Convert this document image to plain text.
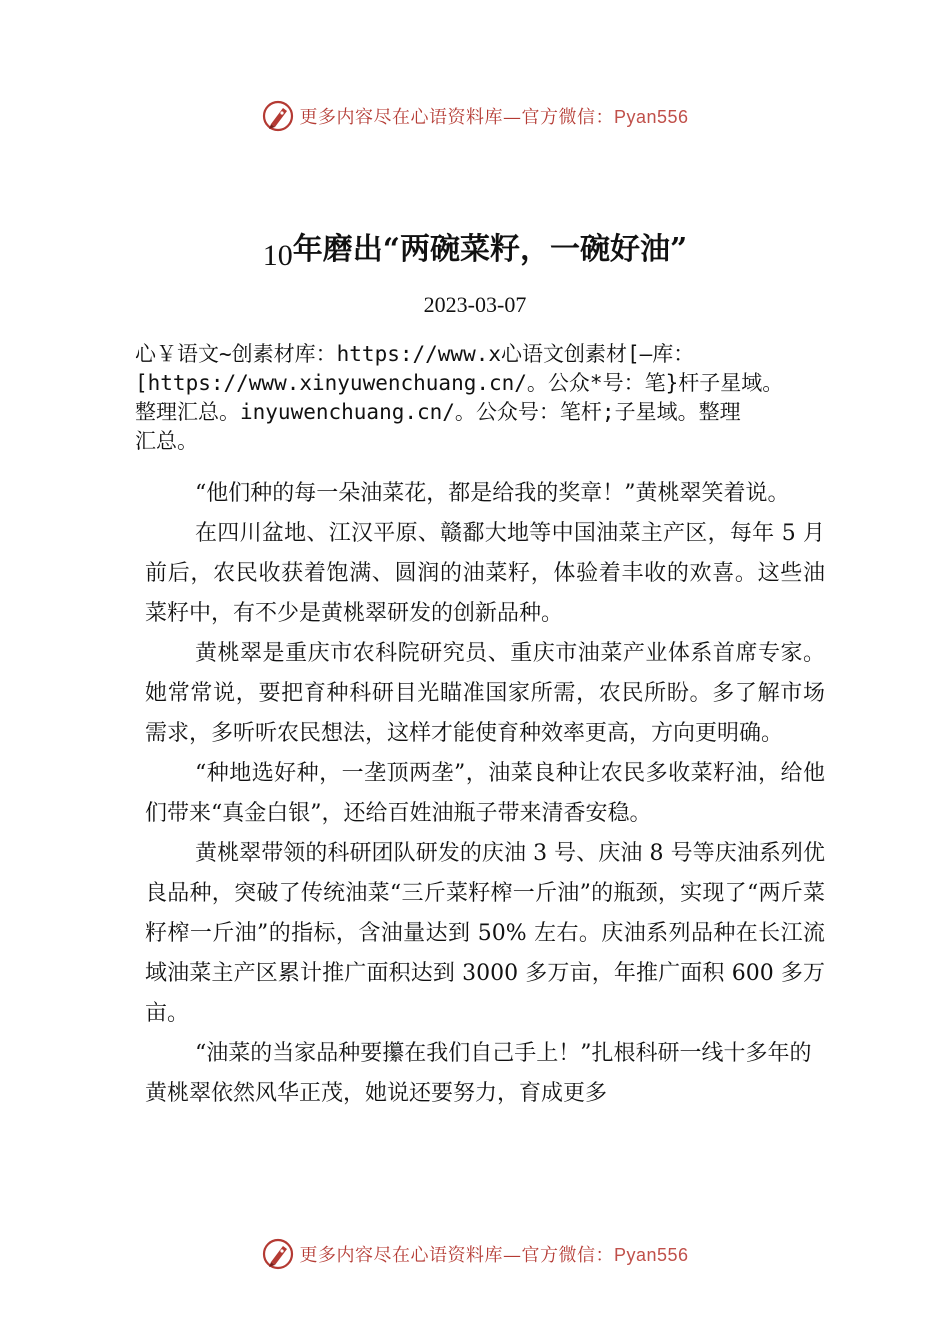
更多内容尽在心语资料库—官方微信：Pyan556
10年磨出“两碗菜籽，一碗好油”
2023-03-07
心￥语文~创素材库：https://www.x心语文创素材[—库：
[https://www.xinyuwenchuang.cn/。公众*号：笔}杆子星域。
整理汇总。inyuwenchuang.cn/。公众号：笔杆;子星域。整理
汇总。

“他们种的每一朵油菜花，都是给我的奖章！”黄桃翠笑着说。

在四川盆地、江汉平原、赣鄱大地等中国油菜主产区，每年 5 月前后，农民收获着饱满、圆润的油菜籽，体验着丰收的欢喜。这些油菜籽中，有不少是黄桃翠研发的创新品种。

黄桃翠是重庆市农科院研究员、重庆市油菜产业体系首席专家。她常常说，要把育种科研目光瞄准国家所需，农民所盼。多了解市场需求，多听听农民想法，这样才能使育种效率更高，方向更明确。

“种地选好种，一垄顶两垄”，油菜良种让农民多收菜籽油，给他们带来“真金白银”，还给百姓油瓶子带来清香安稳。

黄桃翠带领的科研团队研发的庆油 3 号、庆油 8 号等庆油系列优良品种，突破了传统油菜“三斤菜籽榨一斤油”的瓶颈，实现了“两斤菜籽榨一斤油”的指标，含油量达到 50% 左右。庆油系列品种在长江流域油菜主产区累计推广面积达到 3000 多万亩，年推广面积 600 多万亩。

“油菜的当家品种要攥在我们自己手上！”扎根科研一线十多年的黄桃翠依然风华正茂，她说还要努力，育成更多

更多内容尽在心语资料库—官方微信：Pyan556
